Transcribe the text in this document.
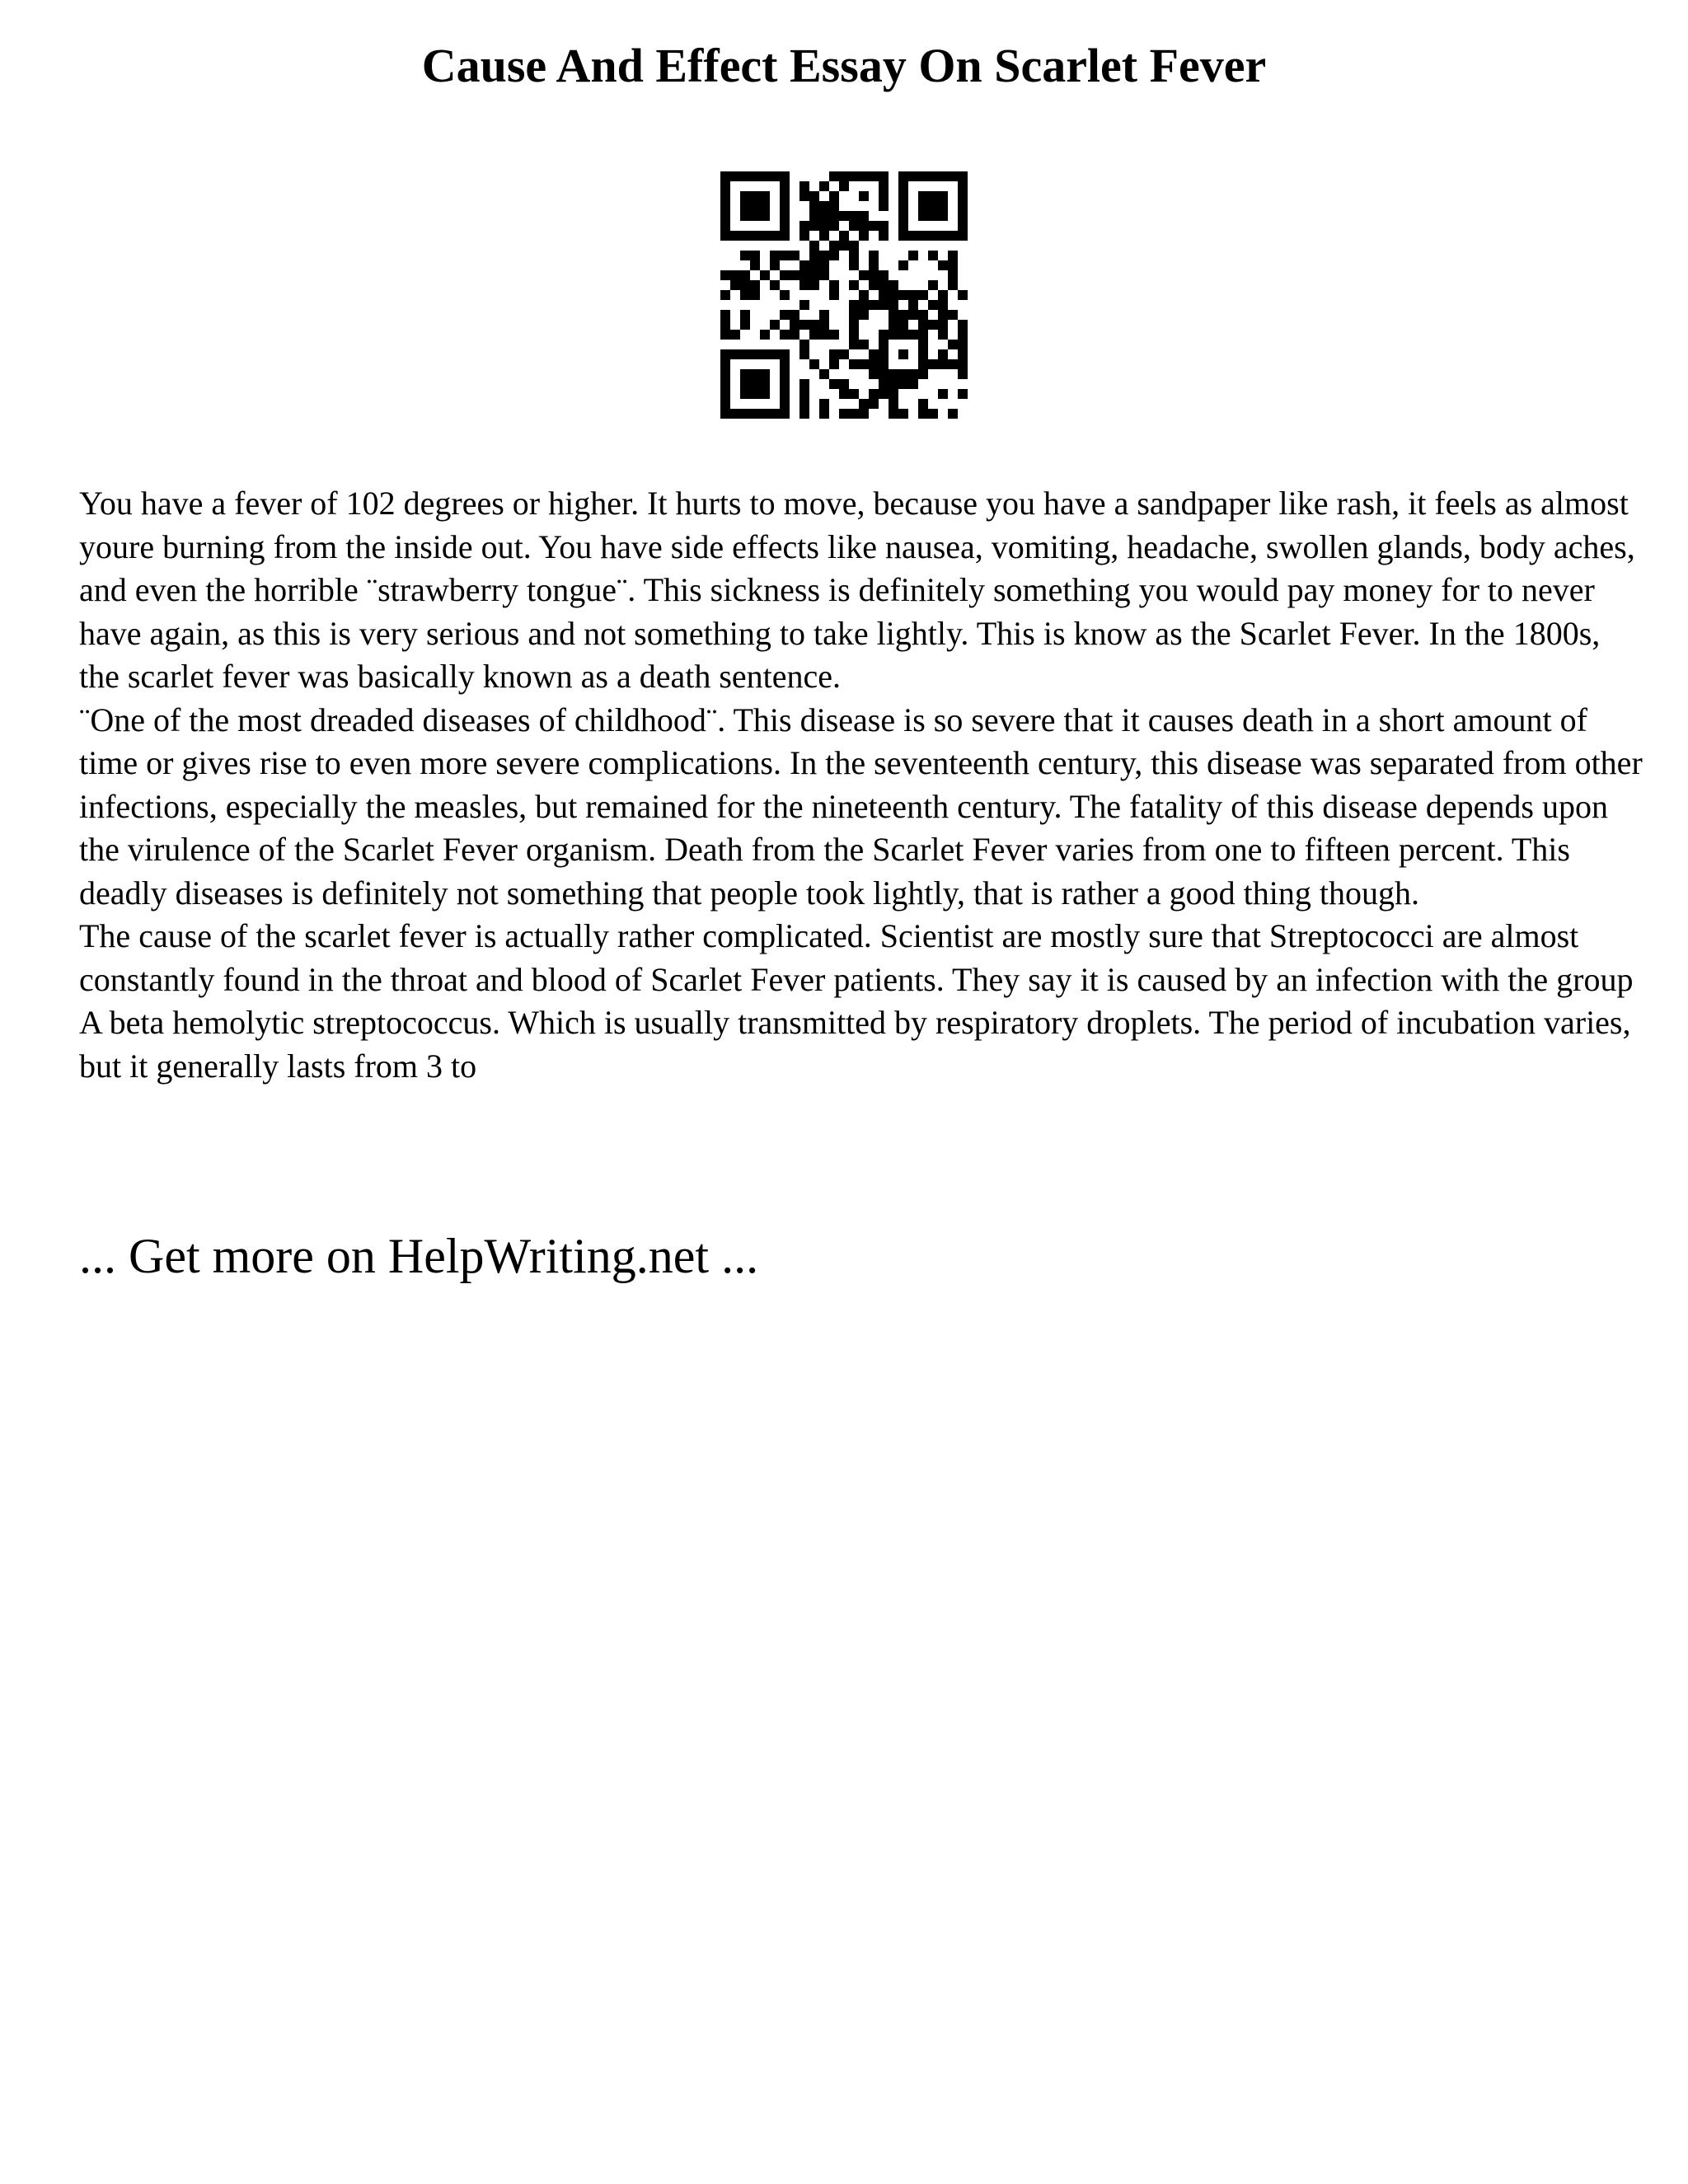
Cause And Effect Essay On Scarlet Fever

You have a fever of 102 degrees or higher. It hurts to move, because you have a sandpaper like rash, it feels as almost youre burning from the inside out. You have side effects like nausea, vomiting, headache, swollen glands, body aches, and even the horrible ¨strawberry tongue¨. This sickness is definitely something you would pay money for to never have again, as this is very serious and not something to take lightly. This is know as the Scarlet Fever. In the 1800s, the scarlet fever was basically known as a death sentence.

¨One of the most dreaded diseases of childhood¨. This disease is so severe that it causes death in a short amount of time or gives rise to even more severe complications. In the seventeenth century, this disease was separated from other infections, especially the measles, but remained for the nineteenth century. The fatality of this disease depends upon the virulence of the Scarlet Fever organism. Death from the Scarlet Fever varies from one to fifteen percent. This deadly diseases is definitely not something that people took lightly, that is rather a good thing though.

The cause of the scarlet fever is actually rather complicated. Scientist are mostly sure that Streptococci are almost constantly found in the throat and blood of Scarlet Fever patients. They say it is caused by an infection with the group A beta hemolytic streptococcus. Which is usually transmitted by respiratory droplets. The period of incubation varies, but it generally lasts from 3 to

... Get more on HelpWriting.net ...
